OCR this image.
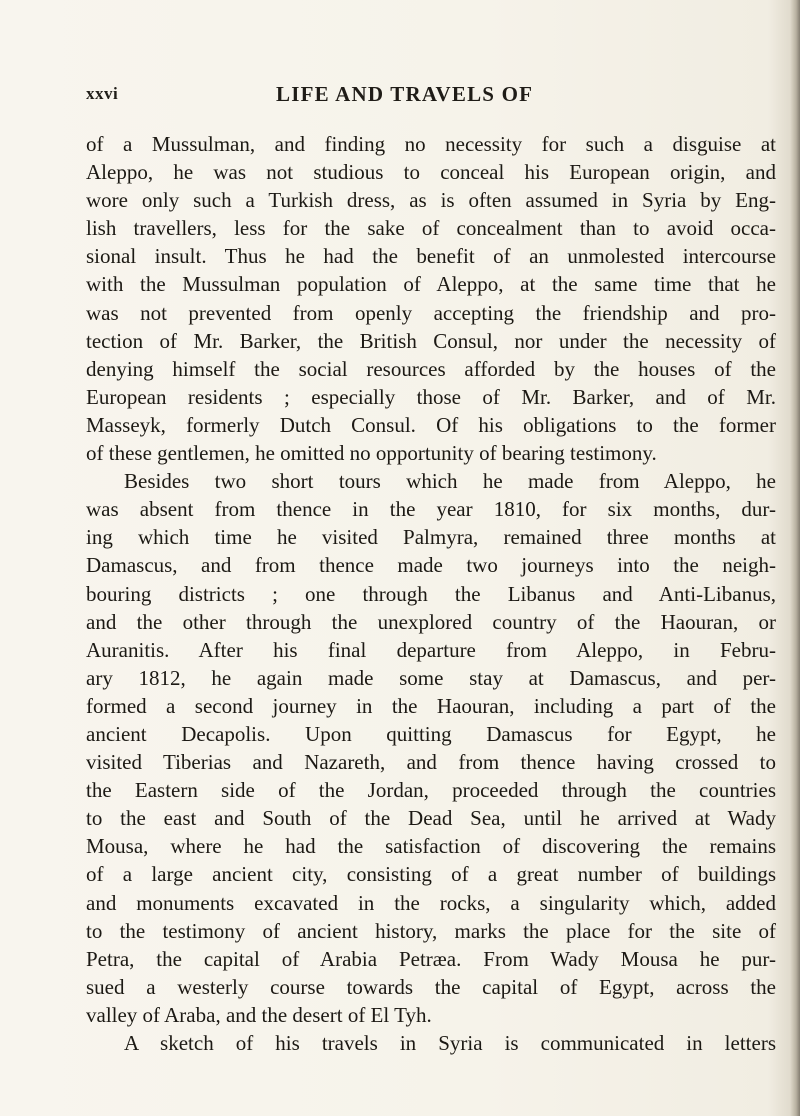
xxvi	LIFE AND TRAVELS OF
of a Mussulman, and finding no necessity for such a disguise at
Aleppo, he was not studious to conceal his European origin, and
wore only such a Turkish dress, as is often assumed in Syria by Eng-
lish travellers, less for the sake of concealment than to avoid occa-
sional insult. Thus he had the benefit of an unmolested intercourse
with the Mussulman population of Aleppo, at the same time that he
was not prevented from openly accepting the friendship and pro-
tection of Mr. Barker, the British Consul, nor under the necessity of
denying himself the social resources afforded by the houses of the
European residents ; especially those of Mr. Barker, and of Mr.
Masseyk, formerly Dutch Consul. Of his obligations to the former
of these gentlemen, he omitted no opportunity of bearing testimony.
Besides two short tours which he made from Aleppo, he
was absent from thence in the year 1810, for six months, dur-
ing which time he visited Palmyra, remained three months at
Damascus, and from thence made two journeys into the neigh-
bouring districts ; one through the Libanus and Anti-Libanus,
and the other through the unexplored country of the Haouran, or
Auranitis. After his final departure from Aleppo, in Febru-
ary 1812, he again made some stay at Damascus, and per-
formed a second journey in the Haouran, including a part of the
ancient Decapolis. Upon quitting Damascus for Egypt, he
visited Tiberias and Nazareth, and from thence having crossed to
the Eastern side of the Jordan, proceeded through the countries
to the east and South of the Dead Sea, until he arrived at Wady
Mousa, where he had the satisfaction of discovering the remains
of a large ancient city, consisting of a great number of buildings
and monuments excavated in the rocks, a singularity which, added
to the testimony of ancient history, marks the place for the site of
Petra, the capital of Arabia Petræa. From Wady Mousa he pur-
sued a westerly course towards the capital of Egypt, across the
valley of Araba, and the desert of El Tyh.
A sketch of his travels in Syria is communicated in letters
